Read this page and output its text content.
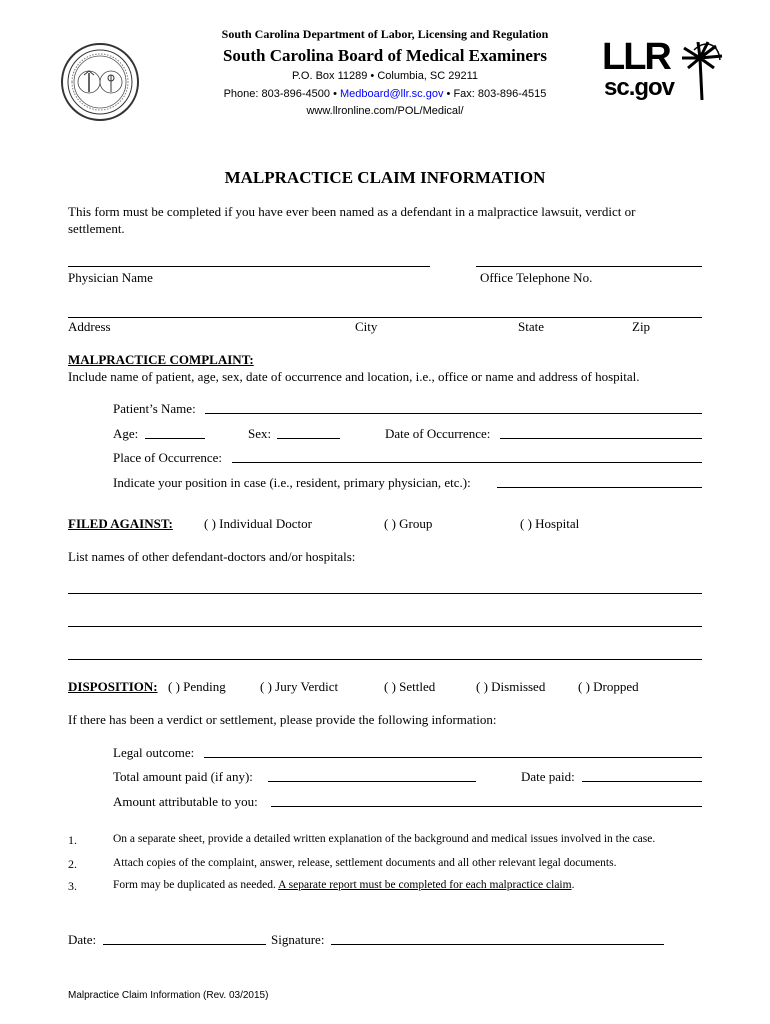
South Carolina Department of Labor, Licensing and Regulation
South Carolina Board of Medical Examiners
P.O. Box 11289 • Columbia, SC 29211
Phone: 803-896-4500 • Medboard@llr.sc.gov • Fax: 803-896-4515
www.llronline.com/POL/Medical/
LLR
sc.gov
MALPRACTICE CLAIM INFORMATION
This form must be completed if you have ever been named as a defendant in a malpractice lawsuit, verdict or
settlement.
Physician Name	Office Telephone No.
Address	City	State	Zip
MALPRACTICE COMPLAINT:
Include name of patient, age, sex, date of occurrence and location, i.e., office or name and address of hospital.
Patient’s Name:
Age:	Sex:	Date of Occurrence:
Place of Occurrence:
Indicate your position in case (i.e., resident, primary physician, etc.):
FILED AGAINST: ( ) Individual Doctor	( ) Group	( ) Hospital
List names of other defendant-doctors and/or hospitals:
DISPOSITION: ( ) Pending	( ) Jury Verdict	( ) Settled	( ) Dismissed	( ) Dropped
If there has been a verdict or settlement, please provide the following information:
Legal outcome:
Total amount paid (if any):	Date paid:
Amount attributable to you:
1.	On a separate sheet, provide a detailed written explanation of the background and medical issues involved in the case.
2.	Attach copies of the complaint, answer, release, settlement documents and all other relevant legal documents.
3.	Form may be duplicated as needed. A separate report must be completed for each malpractice claim.
Date:	Signature:
Malpractice Claim Information (Rev. 03/2015)
